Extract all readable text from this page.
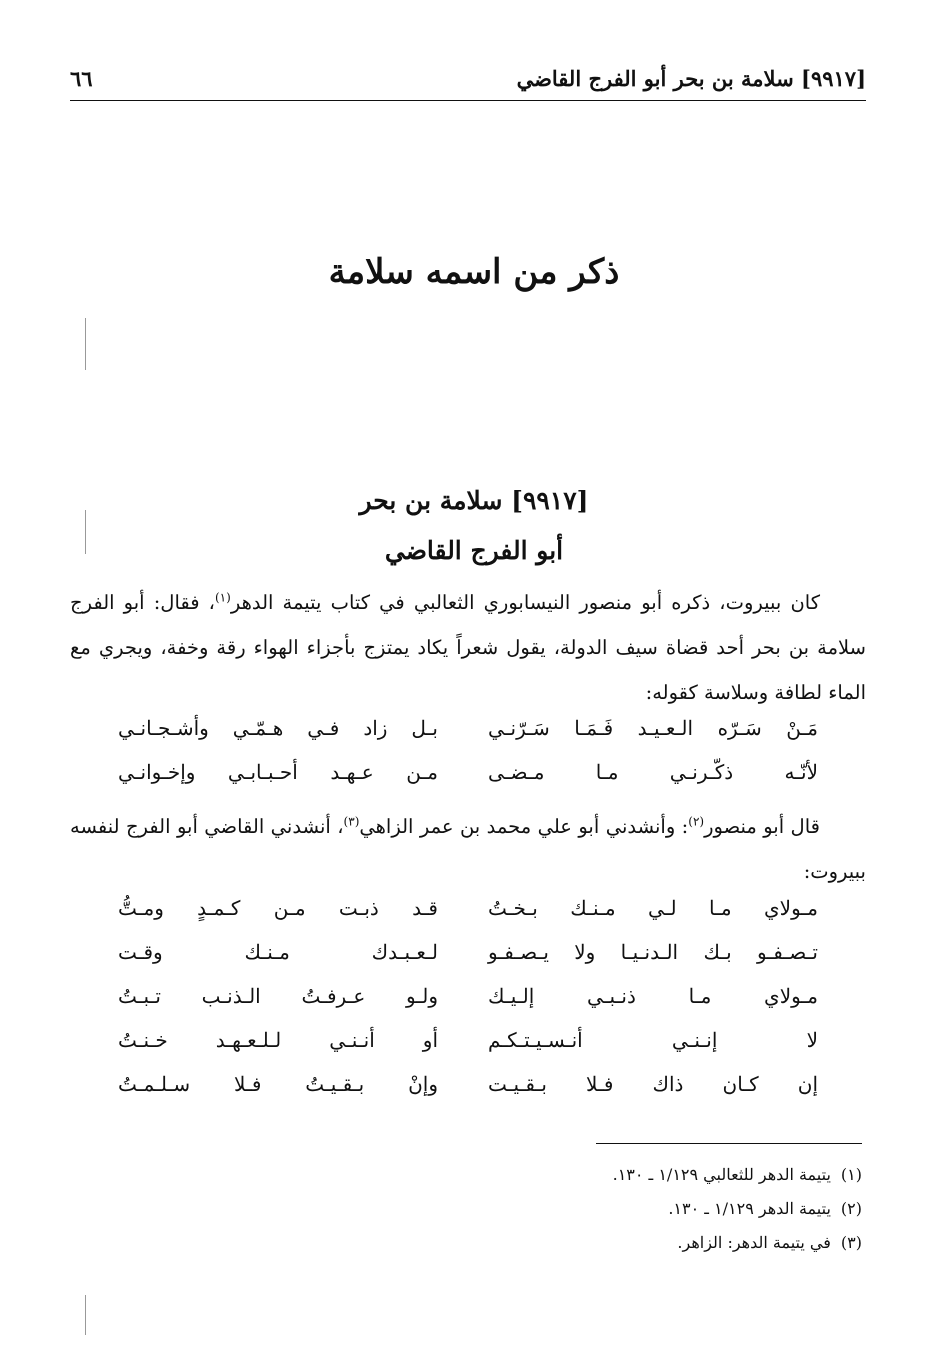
[٩٩١٧] سلامة بن بحر أبو الفرج القاضي
٦٦
ذكر من اسمه سلامة
[٩٩١٧] سلامة بن بحر
أبو الفرج القاضي

كان ببيروت، ذكره أبو منصور النيسابوري الثعالبي في كتاب يتيمة الدهر$^{(١)}$، فقال: أبو الفرج سلامة بن بحر أحد قضاة سيف الدولة، يقول شعراً يكاد يمتزج بأجزاء الهواء رقة وخفة، ويجري مع الماء لطافة وسلاسة كقوله:

مَـنْ سَـرّه الـعـيـد فَـمَـا سَـرّنـي
بـل زاد فـي هـمّـي وأشـجـانـي
لأنّـه ذكّـرنـي مـا مـضـى
مـن عـهـد أحـبـابـي وإخـوانـي

قال أبو منصور$^{(٢)}$: وأنشدني أبو علي محمد بن عمر الزاهي$^{(٣)}$، أنشدني القاضي أبو الفرج لنفسه ببيروت:

مـولاي مـا لـي مـنـك بـخـتُ
قـد ذبـت مـن كـمـدٍ ومـتُّ
تـصـفـو بـك الـدنـيـا ولا يـصـفـو
لـعـبـدك مـنـك وقـت
مـولاي مـا ذنـبـي إلـيـك
ولـو عـرفـتُ الـذنـب تـبـتُ
لا إنـنـي أنـسـيـتـكـم
أو أنـنـي لـلـعـهـد خـنـتُ
إن كـان ذاك فـلا بـقـيـت
وإنْ بـقـيـتُ فـلا سـلـمـتُ
(١)يتيمة الدهر للثعالبي ١/١٢٩ ـ ١٣٠.
(٢)يتيمة الدهر ١/١٢٩ ـ ١٣٠.
(٣)في يتيمة الدهر: الزاهر.
